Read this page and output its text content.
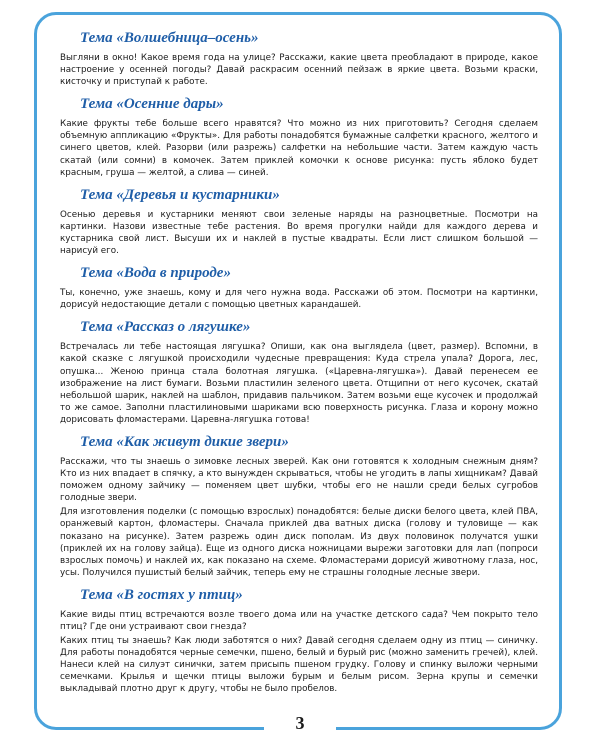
Тема «Волшебница–осень»

Выгляни в окно! Какое время года на улице? Расскажи, какие цвета преобладают в природе, какое настроение у осенней погоды? Давай раскрасим осенний пейзаж в яркие цвета. Возьми краски, кисточку и приступай к работе.

Тема «Осенние дары»

Какие фрукты тебе больше всего нравятся? Что можно из них приготовить? Сегодня сделаем объемную аппликацию «Фрукты». Для работы понадобятся бумажные салфетки красного, желтого и синего цветов, клей. Разорви (или разрежь) салфетки на небольшие части. Затем каждую часть скатай (или сомни) в комочек. Затем приклей комочки к основе рисунка: пусть яблоко будет красным, груша — желтой, а слива — синей.

Тема «Деревья и кустарники»

Осенью деревья и кустарники меняют свои зеленые наряды на разноцветные. Посмотри на картинки. Назови известные тебе растения. Во время прогулки найди для каждого дерева и кустарника свой лист. Высуши их и наклей в пустые квадраты. Если лист слишком большой — нарисуй его.

Тема «Вода в природе»

Ты, конечно, уже знаешь, кому и для чего нужна вода. Расскажи об этом. Посмотри на картинки, дорисуй недостающие детали с помощью цветных карандашей.

Тема «Рассказ о лягушке»

Встречалась ли тебе настоящая лягушка? Опиши, как она выглядела (цвет, размер). Вспомни, в какой сказке с лягушкой происходили чудесные превращения: Куда стрела упала? Дорога, лес, опушка... Женою принца стала болотная лягушка. («Царевна-лягушка»). Давай перенесем ее изображение на лист бумаги. Возьми пластилин зеленого цвета. Отщипни от него кусочек, скатай небольшой шарик, наклей на шаблон, придавив пальчиком. Затем возьми еще кусочек и продолжай то же самое. Заполни пластилиновыми шариками всю поверхность рисунка. Глаза и корону можно дорисовать фломастерами. Царевна-лягушка готова!

Тема «Как живут дикие звери»

Расскажи, что ты знаешь о зимовке лесных зверей. Как они готовятся к холодным снежным дням? Кто из них впадает в спячку, а кто вынужден скрываться, чтобы не угодить в лапы хищникам? Давай поможем одному зайчику — поменяем цвет шубки, чтобы его не нашли среди белых сугробов голодные звери.

Для изготовления поделки (с помощью взрослых) понадобятся: белые диски белого цвета, клей ПВА, оранжевый картон, фломастеры. Сначала приклей два ватных диска (голову и туловище — как показано на рисунке). Затем разрежь один диск пополам. Из двух половинок получатся ушки (приклей их на голову зайца). Еще из одного диска ножницами вырежи заготовки для лап (попроси взрослых помочь) и наклей их, как показано на схеме. Фломастерами дорисуй животному глаза, нос, усы. Получился пушистый белый зайчик, теперь ему не страшны голодные лесные звери.

Тема «В гостях у птиц»

Какие виды птиц встречаются возле твоего дома или на участке детского сада? Чем покрыто тело птиц? Где они устраивают свои гнезда?

Каких птиц ты знаешь? Как люди заботятся о них? Давай сегодня сделаем одну из птиц — синичку. Для работы понадобятся черные семечки, пшено, белый и бурый рис (можно заменить гречей), клей. Нанеси клей на силуэт синички, затем присыпь пшеном грудку. Голову и спинку выложи черными семечками. Крылья и щечки птицы выложи бурым и белым рисом. Зерна крупы и семечки выкладывай плотно друг к другу, чтобы не было пробелов.

3
